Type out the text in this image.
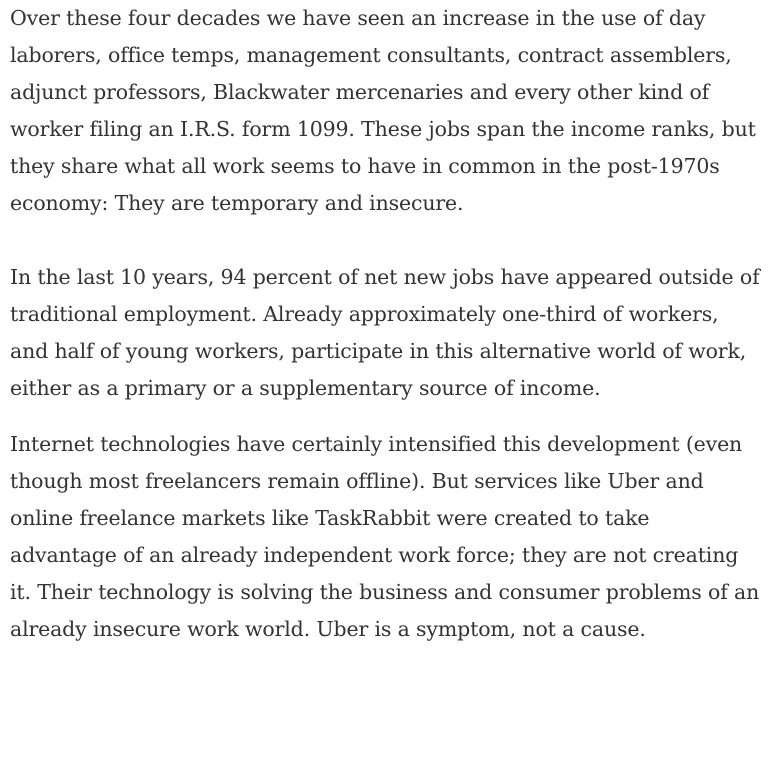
Over these four decades we have seen an increase in the use of day laborers, office temps, management consultants, contract assemblers, adjunct professors, Blackwater mercenaries and every other kind of worker filing an I.R.S. form 1099. These jobs span the income ranks, but they share what all work seems to have in common in the post-1970s economy: They are temporary and insecure.

In the last 10 years, 94 percent of net new jobs have appeared outside of traditional employment. Already approximately one-third of workers, and half of young workers, participate in this alternative world of work, either as a primary or a supplementary source of income.

Internet technologies have certainly intensified this development (even though most freelancers remain offline). But services like Uber and online freelance markets like TaskRabbit were created to take advantage of an already independent work force; they are not creating it. Their technology is solving the business and consumer problems of an already insecure work world. Uber is a symptom, not a cause.
